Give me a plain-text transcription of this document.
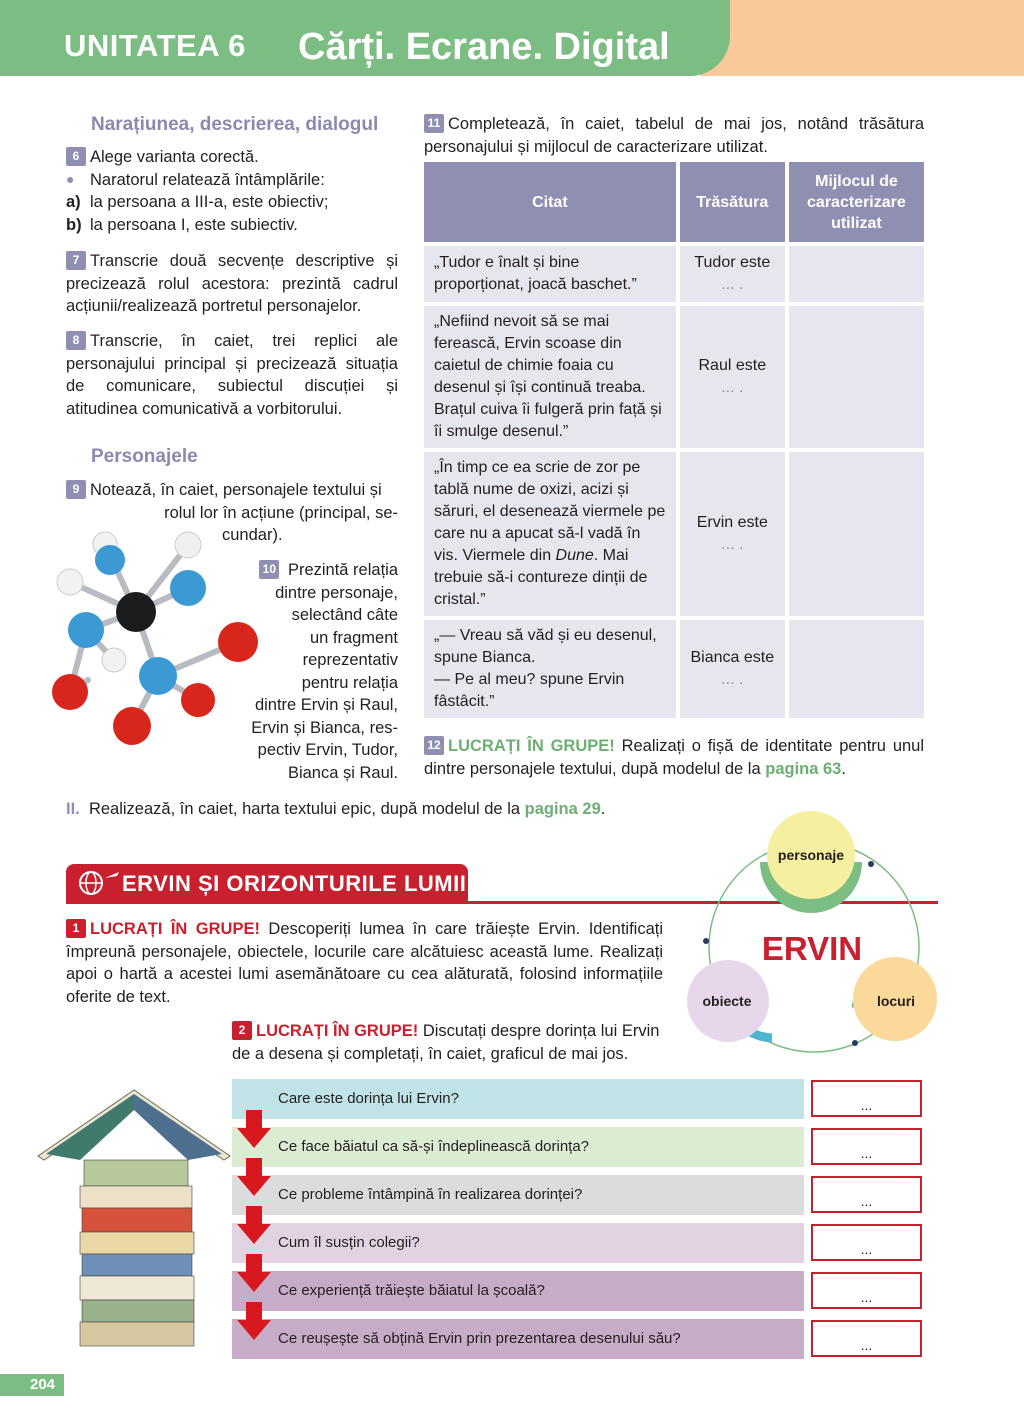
UNITATEA 6 Cărți. Ecrane. Digital
Narațiunea, descrierea, dialogul
6 Alege varianta corectă.
● Naratorul relatează întâmplările:
a) la persoana a III-a, este obiectiv;
b) la persoana I, este subiectiv.
7 Transcrie două secvențe descriptive și precizează rolul acestora: prezintă cadrul acțiunii/realizează portretul personajelor.
8 Transcrie, în caiet, trei replici ale personajului principal și precizează situația de comunicare, subiectul discuției și atitudinea comunicativă a vorbitorului.
Personajele
9 Notează, în caiet, personajele textului și
rolul lor în acțiune (principal, se-
cundar).
10 Prezintă relația
dintre personaje,
selectând câte
un fragment
reprezentativ
pentru relația
dintre Ervin și Raul,
Ervin și Bianca, res-
pectiv Ervin, Tudor,
Bianca și Raul.
11 Completează, în caiet, tabelul de mai jos, notând trăsătura personajului și mijlocul de caracterizare utilizat.
Citat	Trăsătura	Mijlocul de caracterizare utilizat
„Tudor e înalt și bine proporționat, joacă baschet.”	Tudor este
... .	
„Nefiind nevoit să se mai ferească, Ervin scoase din caietul de chimie foaia cu desenul și își continuă treaba. Brațul cuiva îi fulgeră prin față și îi smulge desenul.”	Raul este
... .	
„În timp ce ea scrie de zor pe tablă nume de oxizi, acizi și săruri, el desenează viermele pe care nu a apucat să-l vadă în vis. Viermele din Dune. Mai trebuie să-i contureze dinții de cristal.”	Ervin este
... .	
„— Vreau să văd și eu desenul, spune Bianca.
— Pe al meu? spune Ervin fâstâcit.”	Bianca este
... .	
12 LUCRAȚI ÎN GRUPE! Realizați o fișă de identitate pentru unul dintre personajele textului, după modelul de la pagina 63.
II. Realizează, în caiet, harta textului epic, după modelul de la pagina 29.
ERVIN ȘI ORIZONTURILE LUMII
1 LUCRAȚI ÎN GRUPE! Descoperiți lumea în care trăiește Ervin. Identificați împreună personajele, obiectele, locurile care alcătuiesc această lume. Realizați apoi o hartă a acestei lumi asemănătoare cu cea alăturată, folosind informațiile oferite de text.
2 LUCRAȚI ÎN GRUPE! Discutați despre dorința lui Ervin de a desena și completați, în caiet, graficul de mai jos.
ERVIN
personaje
obiecte	locuri
Care este dorința lui Ervin?
Ce face băiatul ca să-și îndeplinească dorința?
Ce probleme întâmpină în realizarea dorinței?
Cum îl susțin colegii?
Ce experiență trăiește băiatul la școală?
Ce reușește să obțină Ervin prin prezentarea desenului său?
...
...
...
...
...
...
204
